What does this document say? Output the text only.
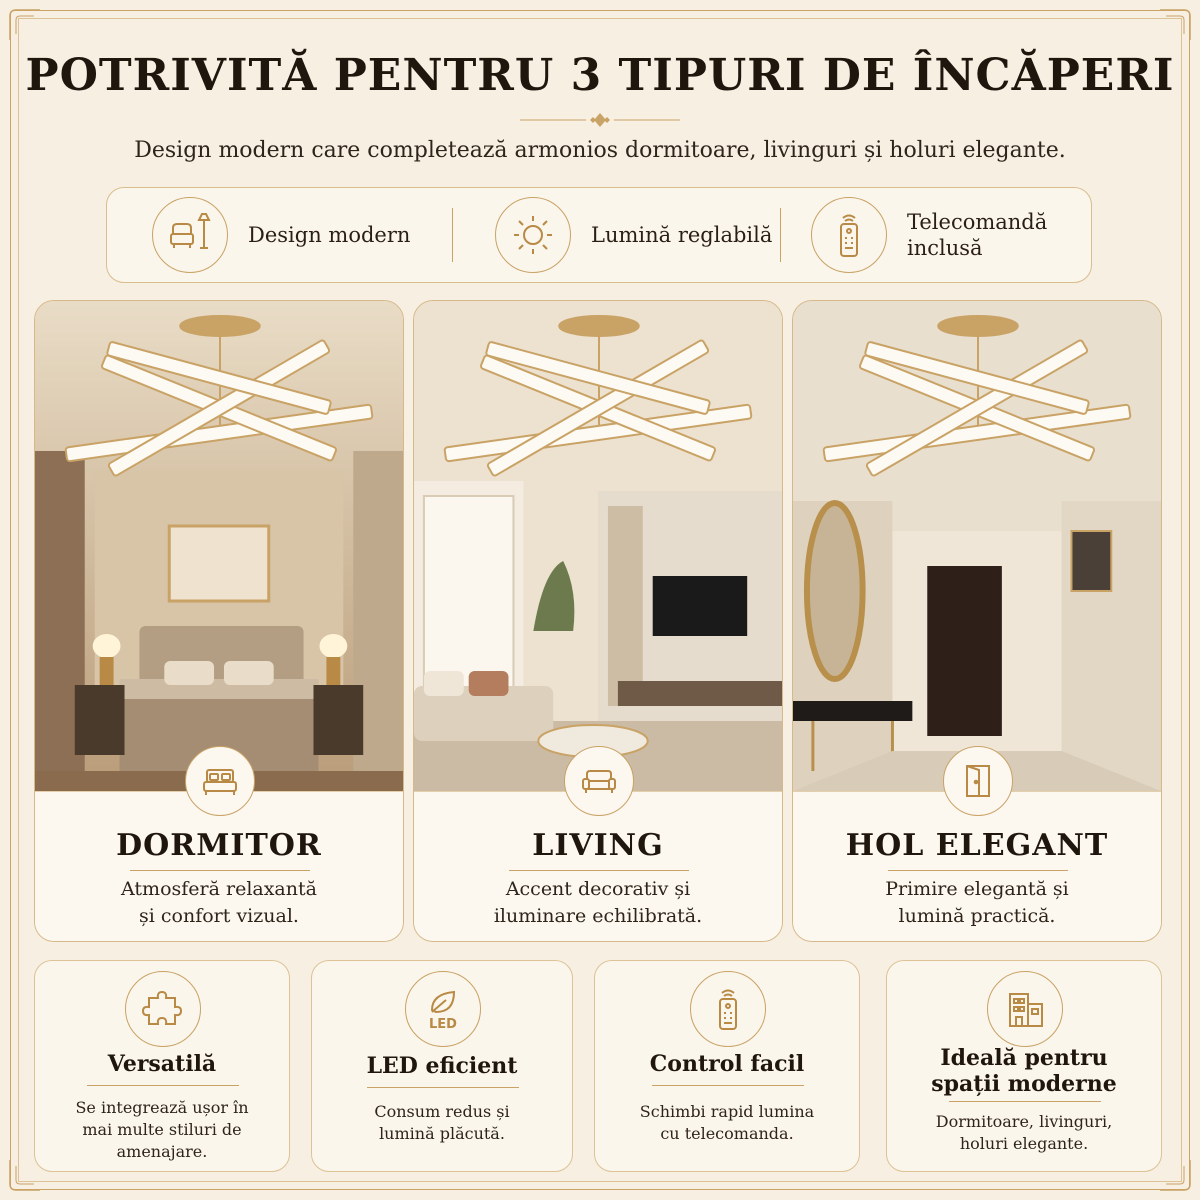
POTRIVITĂ PENTRU 3 TIPURI DE ÎNCĂPERI
Design modern care completează armonios dormitoare, livinguri și holuri elegante.
Design modern	Lumină reglabilă
Telecomandă
inclusă
DORMITOR
Atmosferă relaxantă
și confort vizual.
LIVING
Accent decorativ și
iluminare echilibrată.
HOL ELEGANT
Primire elegantă și
lumină practică.
Versatilă
Se integrează ușor în
mai multe stiluri de
amenajare.
LED
LED eficient
Consum redus și
lumină plăcută.
Control facil
Schimbi rapid lumina
cu telecomanda.
Ideală pentru
spații moderne
Dormitoare, livinguri,
holuri elegante.
